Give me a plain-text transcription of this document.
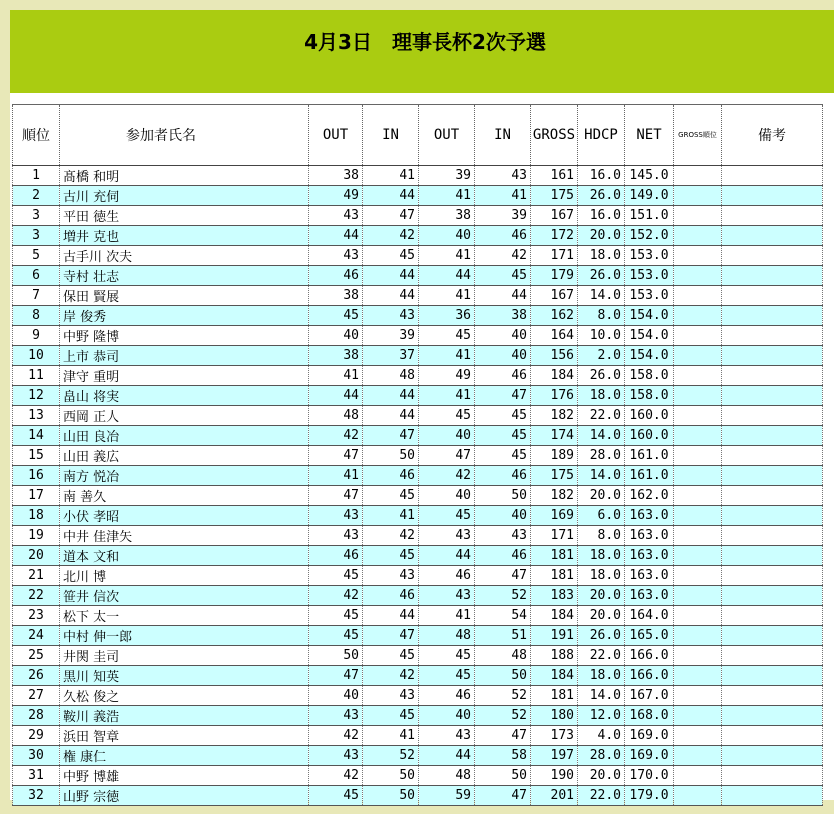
4月3日　理事長杯2次予選
順位	参加者氏名	OUT	IN	OUT	IN	GROSS	HDCP	NET	GROSS順位	備考
1	髙橋 和明	38	41	39	43	161	16.0	145.0		
2	古川 充伺	49	44	41	41	175	26.0	149.0		
3	平田 徳生	43	47	38	39	167	16.0	151.0		
3	増井 克也	44	42	40	46	172	20.0	152.0		
5	古手川 次夫	43	45	41	42	171	18.0	153.0		
6	寺村 壮志	46	44	44	45	179	26.0	153.0		
7	保田 賢展	38	44	41	44	167	14.0	153.0		
8	岸 俊秀	45	43	36	38	162	8.0	154.0		
9	中野 隆博	40	39	45	40	164	10.0	154.0		
10	上市 恭司	38	37	41	40	156	2.0	154.0		
11	津守 重明	41	48	49	46	184	26.0	158.0		
12	畠山 将実	44	44	41	47	176	18.0	158.0		
13	西岡 正人	48	44	45	45	182	22.0	160.0		
14	山田 良冶	42	47	40	45	174	14.0	160.0		
15	山田 義広	47	50	47	45	189	28.0	161.0		
16	南方 悦冶	41	46	42	46	175	14.0	161.0		
17	南 善久	47	45	40	50	182	20.0	162.0		
18	小伏 孝昭	43	41	45	40	169	6.0	163.0		
19	中井 佳津矢	43	42	43	43	171	8.0	163.0		
20	道本 文和	46	45	44	46	181	18.0	163.0		
21	北川 博	45	43	46	47	181	18.0	163.0		
22	笹井 信次	42	46	43	52	183	20.0	163.0		
23	松下 太一	45	44	41	54	184	20.0	164.0		
24	中村 伸一郎	45	47	48	51	191	26.0	165.0		
25	井関 圭司	50	45	45	48	188	22.0	166.0		
26	黒川 知英	47	42	45	50	184	18.0	166.0		
27	久松 俊之	40	43	46	52	181	14.0	167.0		
28	鞍川 義浩	43	45	40	52	180	12.0	168.0		
29	浜田 智章	42	41	43	47	173	4.0	169.0		
30	権 康仁	43	52	44	58	197	28.0	169.0		
31	中野 博雄	42	50	48	50	190	20.0	170.0		
32	山野 宗徳	45	50	59	47	201	22.0	179.0		
